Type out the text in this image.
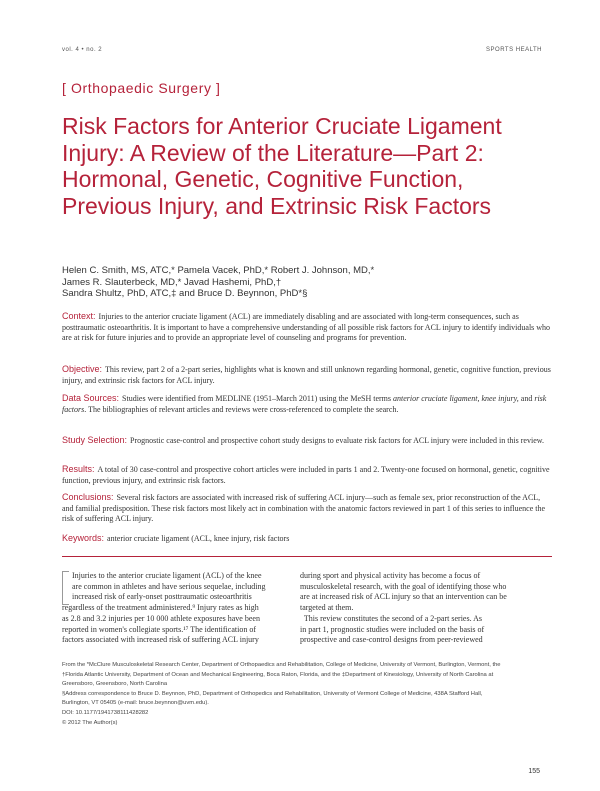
vol. 4 • no. 2	SPORTS HEALTH
[ Orthopaedic Surgery ]
Risk Factors for Anterior Cruciate Ligament Injury: A Review of the Literature—Part 2: Hormonal, Genetic, Cognitive Function, Previous Injury, and Extrinsic Risk Factors
Helen C. Smith, MS, ATC,* Pamela Vacek, PhD,* Robert J. Johnson, MD,*
James R. Slauterbeck, MD,* Javad Hashemi, PhD,†
Sandra Shultz, PhD, ATC,‡ and Bruce D. Beynnon, PhD*§
Context: Injuries to the anterior cruciate ligament (ACL) are immediately disabling and are associated with long-term consequences, such as posttraumatic osteoarthritis. It is important to have a comprehensive understanding of all possible risk factors for ACL injury to identify individuals who are at risk for future injuries and to provide an appropriate level of counseling and programs for prevention.
Objective: This review, part 2 of a 2-part series, highlights what is known and still unknown regarding hormonal, genetic, cognitive function, previous injury, and extrinsic risk factors for ACL injury.
Data Sources: Studies were identified from MEDLINE (1951–March 2011) using the MeSH terms anterior cruciate ligament, knee injury, and risk factors. The bibliographies of relevant articles and reviews were cross-referenced to complete the search.
Study Selection: Prognostic case-control and prospective cohort study designs to evaluate risk factors for ACL injury were included in this review.
Results: A total of 30 case-control and prospective cohort articles were included in parts 1 and 2. Twenty-one focused on hormonal, genetic, cognitive function, previous injury, and extrinsic risk factors.
Conclusions: Several risk factors are associated with increased risk of suffering ACL injury—such as female sex, prior reconstruction of the ACL, and familial predisposition. These risk factors most likely act in combination with the anatomic factors reviewed in part 1 of this series to influence the risk of suffering ACL injury.
Keywords: anterior cruciate ligament (ACL, knee injury, risk factors
Injuries to the anterior cruciate ligament (ACL) of the knee
are common in athletes and have serious sequelae, including
increased risk of early-onset posttraumatic osteoarthritis
regardless of the treatment administered.⁹ Injury rates as high
as 2.8 and 3.2 injuries per 10 000 athlete exposures have been
reported in women's collegiate sports.¹⁷ The identification of
factors associated with increased risk of suffering ACL injury
during sport and physical activity has become a focus of
musculoskeletal research, with the goal of identifying those who
are at increased risk of ACL injury so that an intervention can be
targeted at them.
This review constitutes the second of a 2-part series. As
in part 1, prognostic studies were included on the basis of
prospective and case-control designs from peer-reviewed
From the *McClure Musculoskeletal Research Center, Department of Orthopaedics and Rehabilitation, College of Medicine, University of Vermont, Burlington, Vermont, the
†Florida Atlantic University, Department of Ocean and Mechanical Engineering, Boca Raton, Florida, and the ‡Department of Kinesiology, University of North Carolina at
Greensboro, Greensboro, North Carolina
§Address correspondence to Bruce D. Beynnon, PhD, Department of Orthopedics and Rehabilitation, University of Vermont College of Medicine, 438A Stafford Hall,
Burlington, VT 05405 (e-mail: bruce.beynnon@uvm.edu).
DOI: 10.1177/1941738111428282
© 2012 The Author(s)
155
